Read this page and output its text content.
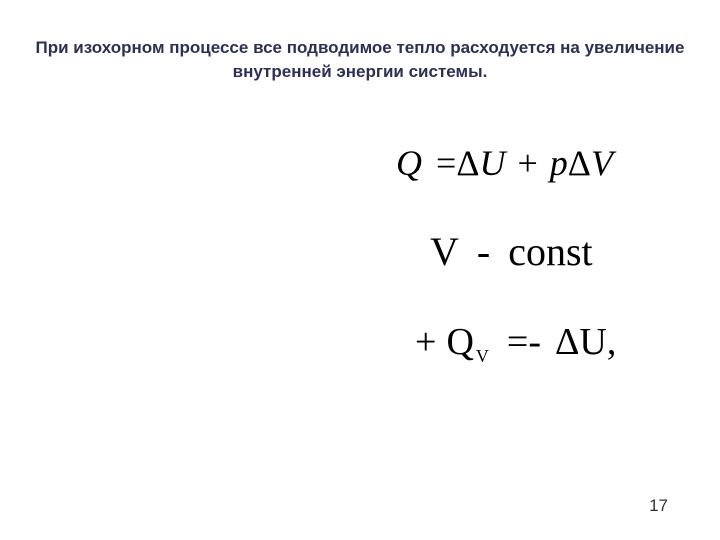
При изохорном процессе все подводимое тепло расходуется на увеличение внутренней энергии системы.

Q =ΔU + pΔV
V - const
+ Q $_V$ =- ΔU,
17
